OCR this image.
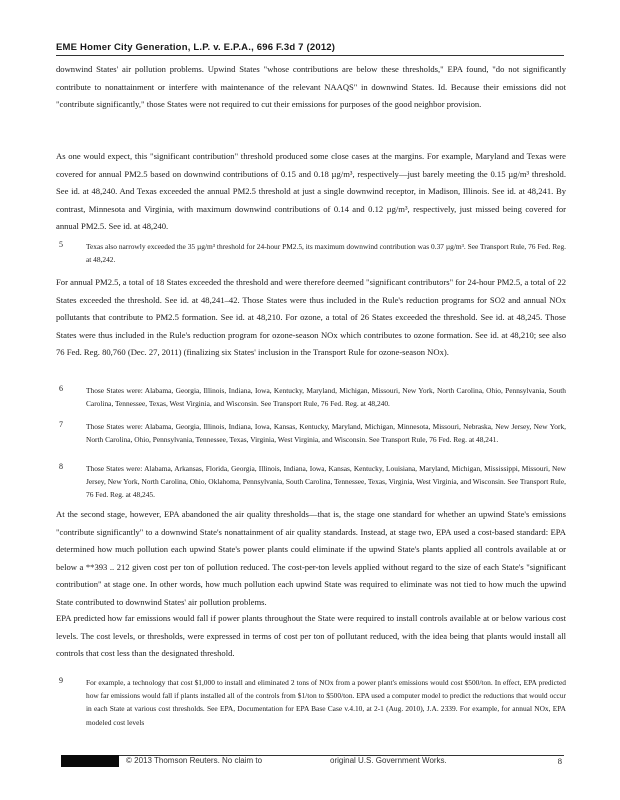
EME Homer City Generation, L.P. v. E.P.A., 696 F.3d 7 (2012)

downwind States' air pollution problems. Upwind States "whose contributions are below these thresholds," EPA found, "do not significantly contribute to nonattainment or interfere with maintenance of the relevant NAAQS" in downwind States. Id. Because their emissions did not "contribute significantly," those States were not required to cut their emissions for purposes of the good neighbor provision.

As one would expect, this "significant contribution" threshold produced some close cases at the margins. For example, Maryland and Texas were covered for annual PM2.5 based on downwind contributions of 0.15 and 0.18 µg/m³, respectively—just barely meeting the 0.15 µg/m³ threshold. See id. at 48,240. And Texas exceeded the annual PM2.5 threshold at just a single downwind receptor, in Madison, Illinois. See id. at 48,241. By contrast, Minnesota and Virginia, with maximum downwind contributions of 0.14 and 0.12 µg/m³, respectively, just missed being covered for annual PM2.5. See id. at 48,240.

5	Texas also narrowly exceeded the 35 µg/m³ threshold for 24-hour PM2.5, its maximum downwind contribution was 0.37 µg/m³. See Transport Rule, 76 Fed. Reg. at 48,242.

For annual PM2.5, a total of 18 States exceeded the threshold and were therefore deemed "significant contributors" for 24-hour PM2.5, a total of 22 States exceeded the threshold. See id. at 48,241–42. Those States were thus included in the Rule's reduction programs for SO2 and annual NOx pollutants that contribute to PM2.5 formation. See id. at 48,210. For ozone, a total of 26 States exceeded the threshold. See id. at 48,245. Those States were thus included in the Rule's reduction program for ozone-season NOx which contributes to ozone formation. See id. at 48,210; see also 76 Fed. Reg. 80,760 (Dec. 27, 2011) (finalizing six States' inclusion in the Transport Rule for ozone-season NOx).

6	Those States were: Alabama, Georgia, Illinois, Indiana, Iowa, Kentucky, Maryland, Michigan, Missouri, New York, North Carolina, Ohio, Pennsylvania, South Carolina, Tennessee, Texas, West Virginia, and Wisconsin. See Transport Rule, 76 Fed. Reg. at 48,240.

7	Those States were: Alabama, Georgia, Illinois, Indiana, Iowa, Kansas, Kentucky, Maryland, Michigan, Minnesota, Missouri, Nebraska, New Jersey, New York, North Carolina, Ohio, Pennsylvania, Tennessee, Texas, Virginia, West Virginia, and Wisconsin. See Transport Rule, 76 Fed. Reg. at 48,241.

8	Those States were: Alabama, Arkansas, Florida, Georgia, Illinois, Indiana, Iowa, Kansas, Kentucky, Louisiana, Maryland, Michigan, Mississippi, Missouri, New Jersey, New York, North Carolina, Ohio, Oklahoma, Pennsylvania, South Carolina, Tennessee, Texas, Virginia, West Virginia, and Wisconsin. See Transport Rule, 76 Fed. Reg. at 48,245.

At the second stage, however, EPA abandoned the air quality thresholds—that is, the stage one standard for whether an upwind State's emissions "contribute significantly" to a downwind State's nonattainment of air quality standards. Instead, at stage two, EPA used a cost-based standard: EPA determined how much pollution each upwind State's power plants could eliminate if the upwind State's plants applied all controls available at or below a **393 .. 212 given cost per ton of pollution reduced. The cost-per-ton levels applied without regard to the size of each State's "significant contribution" at stage one. In other words, how much pollution each upwind State was required to eliminate was not tied to how much the upwind State contributed to downwind States' air pollution problems.

EPA predicted how far emissions would fall if power plants throughout the State were required to install controls available at or below various cost levels. The cost levels, or thresholds, were expressed in terms of cost per ton of pollutant reduced, with the idea being that plants would install all controls that cost less than the designated threshold.

9	For example, a technology that cost $1,000 to install and eliminated 2 tons of NOx from a power plant's emissions would cost $500/ton. In effect, EPA predicted how far emissions would fall if plants installed all of the controls from $1/ton to $500/ton. EPA used a computer model to predict the reductions that would occur in each State at various cost thresholds. See EPA, Documentation for EPA Base Case v.4.10, at 2-1 (Aug. 2010), J.A. 2339. For example, for annual NOx, EPA modeled cost levels

© 2013 Thomson Reuters. No claim to	original U.S. Government Works.	8
